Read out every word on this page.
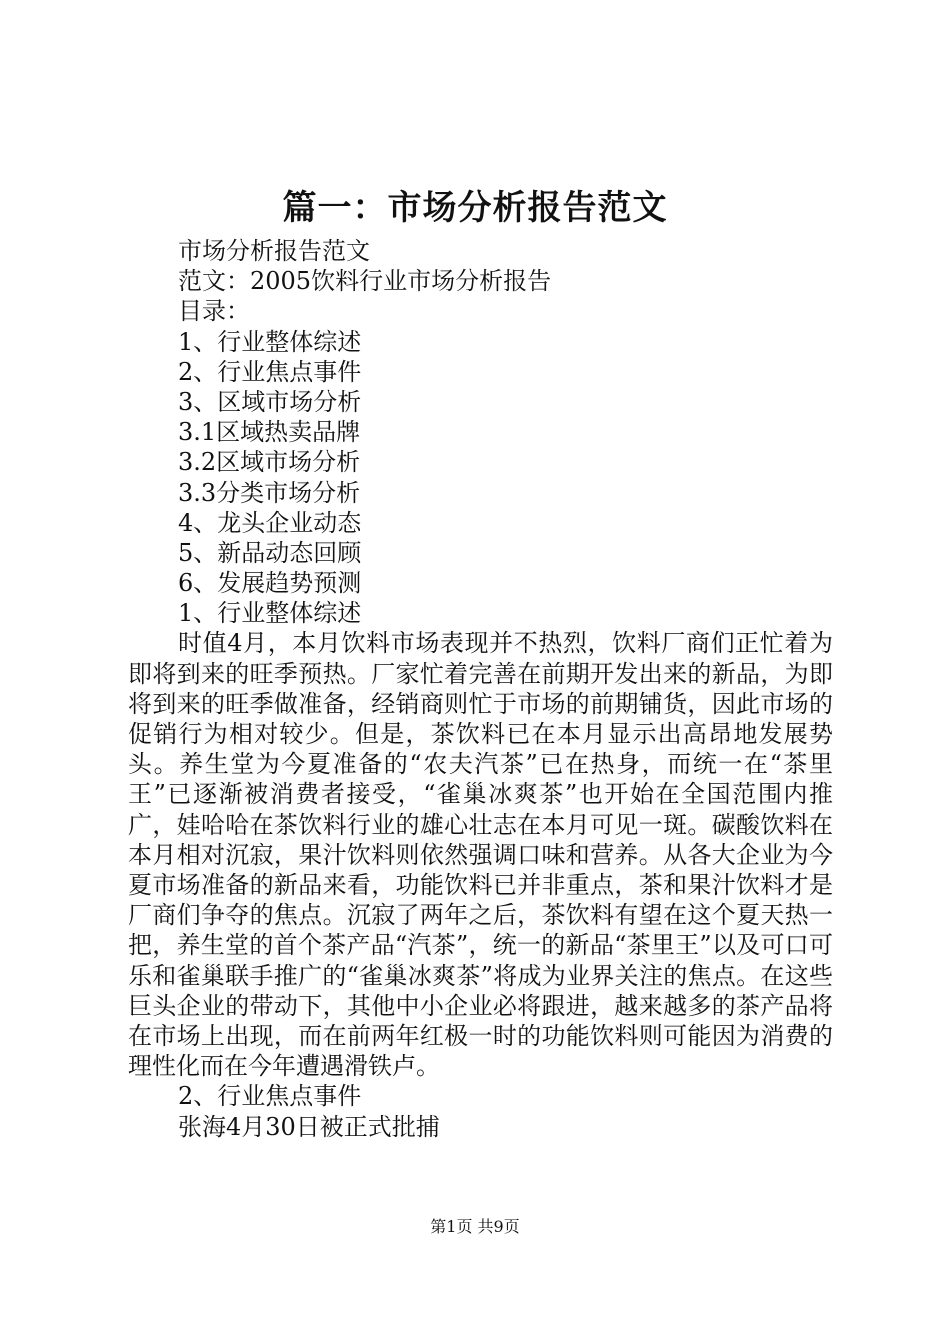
篇一：市场分析报告范文

市场分析报告范文

范文：2005饮料行业市场分析报告

目录：

1、行业整体综述

2、行业焦点事件

3、区域市场分析

3.1区域热卖品牌

3.2区域市场分析

3.3分类市场分析

4、龙头企业动态

5、新品动态回顾

6、发展趋势预测

1、行业整体综述

时值4月，本月饮料市场表现并不热烈，饮料厂商们正忙着为即将到来的旺季预热。厂家忙着完善在前期开发出来的新品，为即将到来的旺季做准备，经销商则忙于市场的前期铺货，因此市场的促销行为相对较少。但是，茶饮料已在本月显示出高昂地发展势头。养生堂为今夏准备的“农夫汽茶”已在热身，而统一在“茶里王”已逐渐被消费者接受，“雀巢冰爽茶”也开始在全国范围内推广，娃哈哈在茶饮料行业的雄心壮志在本月可见一斑。碳酸饮料在本月相对沉寂，果汁饮料则依然强调口味和营养。从各大企业为今夏市场准备的新品来看，功能饮料已并非重点，茶和果汁饮料才是厂商们争夺的焦点。沉寂了两年之后，茶饮料有望在这个夏天热一把，养生堂的首个茶产品“汽茶”，统一的新品“茶里王”以及可口可乐和雀巢联手推广的“雀巢冰爽茶”将成为业界关注的焦点。在这些巨头企业的带动下，其他中小企业必将跟进，越来越多的茶产品将在市场上出现，而在前两年红极一时的功能饮料则可能因为消费的理性化而在今年遭遇滑铁卢。

2、行业焦点事件

张海4月30日被正式批捕

第1页 共9页
